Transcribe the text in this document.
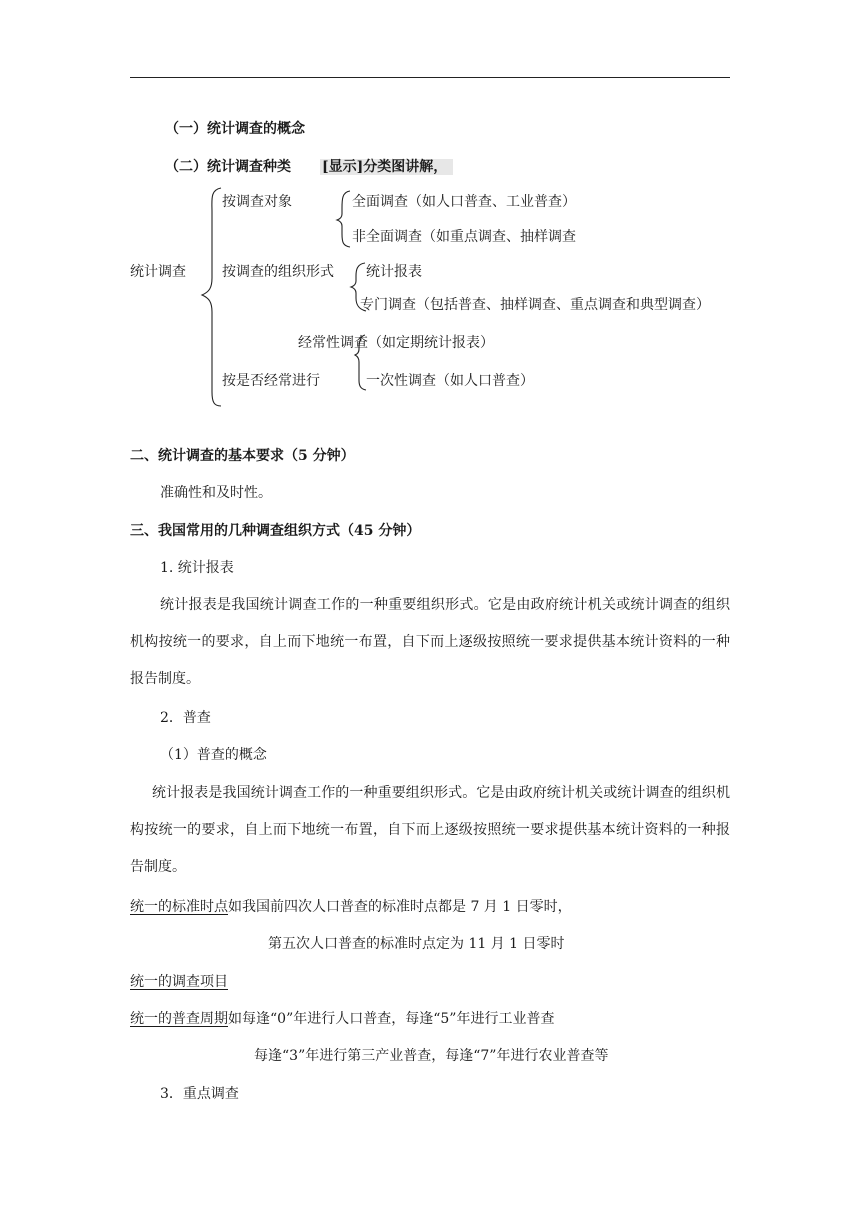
（一）统计调查的概念
（二）统计调查种类 [显示]分类图讲解，
统计调查
按调查对象	全面调查（如人口普查、工业普查）
非全面调查（如重点调查、抽样调查
按调查的组织形式 统计报表
专门调查（包括普查、抽样调查、重点调查和典型调查）
经常性调查（如定期统计报表）
按是否经常进行	一次性调查（如人口普查）
二、统计调查的基本要求（5 分钟）
准确性和及时性。
三、我国常用的几种调查组织方式（45 分钟）
1. 统计报表
统计报表是我国统计调查工作的一种重要组织形式。它是由政府统计机关或统计调查的组织机构按统一的要求，自上而下地统一布置，自下而上逐级按照统一要求提供基本统计资料的一种报告制度。
2．普查
（1）普查的概念
统计报表是我国统计调查工作的一种重要组织形式。它是由政府统计机关或统计调查的组织机构按统一的要求，自上而下地统一布置，自下而上逐级按照统一要求提供基本统计资料的一种报告制度。
统一的标准时点如我国前四次人口普查的标准时点都是 7 月 1 日零时，
第五次人口普查的标准时点定为 11 月 1 日零时
统一的调查项目
统一的普查周期如每逢“0”年进行人口普查，每逢“5”年进行工业普查
每逢“3”年进行第三产业普查，每逢“7”年进行农业普查等
3．重点调查
